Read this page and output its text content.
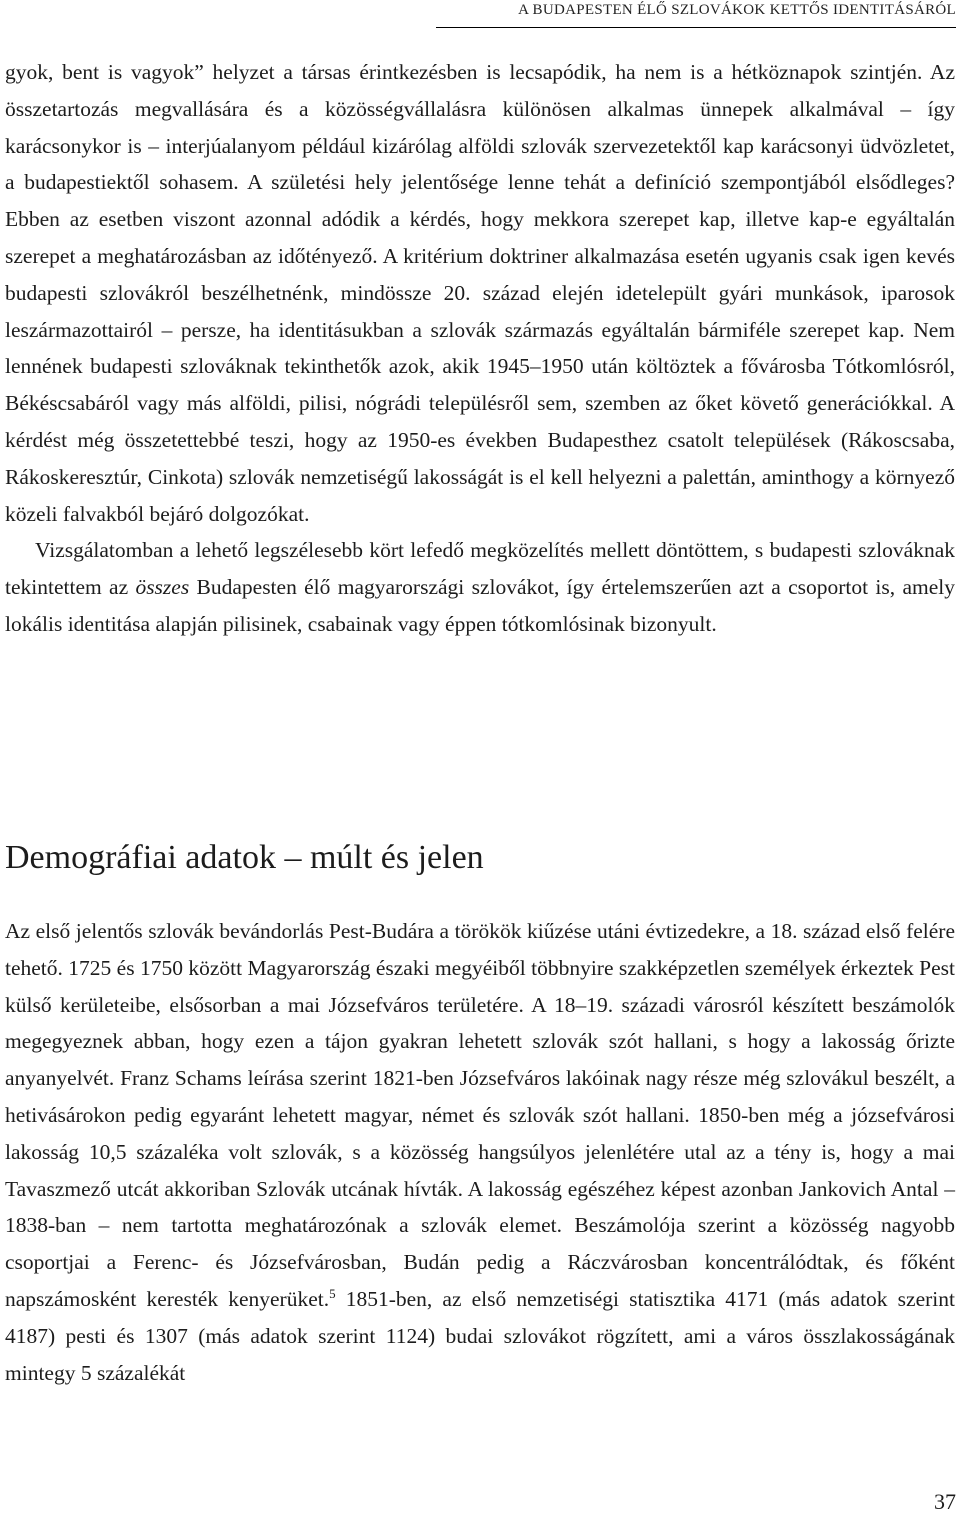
A BUDAPESTEN ÉLŐ SZLOVÁKOK KETTŐS IDENTITÁSÁRÓL

gyok, bent is vagyok” helyzet a társas érintkezésben is lecsapódik, ha nem is a hétköznapok szintjén. Az összetartozás megvallására és a közösségvállalásra különösen alkalmas ünnepek alkalmával – így karácsonykor is – interjúalanyom például kizárólag alföldi szlovák szervezetektől kap karácsonyi üdvözletet, a budapestiektől sohasem. A születési hely jelentősége lenne tehát a definíció szempontjából elsődleges? Ebben az esetben viszont azonnal adódik a kérdés, hogy mekkora szerepet kap, illetve kap-e egyáltalán szerepet a meghatározásban az időtényező. A kritérium doktriner alkalmazása esetén ugyanis csak igen kevés budapesti szlovákról beszélhetnénk, mindössze 20. század elején idetelepült gyári munkások, iparosok leszármazottairól – persze, ha identitásukban a szlovák származás egyáltalán bármiféle szerepet kap. Nem lennének budapesti szlováknak tekinthetők azok, akik 1945–1950 után költöztek a fővárosba Tótkomlósról, Békéscsabáról vagy más alföldi, pilisi, nógrádi településről sem, szemben az őket követő generációkkal. A kérdést még összetettebbé teszi, hogy az 1950-es években Budapesthez csatolt települések (Rákoscsaba, Rákoskeresztúr, Cinkota) szlovák nemzetiségű lakosságát is el kell helyezni a palettán, aminthogy a környező közeli falvakból bejáró dolgozókat.

Vizsgálatomban a lehető legszélesebb kört lefedő megközelítés mellett döntöttem, s budapesti szlováknak tekintettem az összes Budapesten élő magyarországi szlovákot, így értelemszerűen azt a csoportot is, amely lokális identitása alapján pilisinek, csabainak vagy éppen tótkomlósinak bizonyult.

Demográfiai adatok – múlt és jelen

Az első jelentős szlovák bevándorlás Pest-Budára a törökök kiűzése utáni évtizedekre, a 18. század első felére tehető. 1725 és 1750 között Magyarország északi megyéiből többnyire szakképzetlen személyek érkeztek Pest külső kerületeibe, elsősorban a mai Józsefváros területére. A 18–19. századi városról készített beszámolók megegyeznek abban, hogy ezen a tájon gyakran lehetett szlovák szót hallani, s hogy a lakosság őrizte anyanyelvét. Franz Schams leírása szerint 1821-ben Józsefváros lakóinak nagy része még szlovákul beszélt, a hetivásárokon pedig egyaránt lehetett magyar, német és szlovák szót hallani. 1850-ben még a józsefvárosi lakosság 10,5 százaléka volt szlovák, s a közösség hangsúlyos jelenlétére utal az a tény is, hogy a mai Tavaszmező utcát akkoriban Szlovák utcának hívták. A lakosság egészéhez képest azonban Jankovich Antal – 1838-ban – nem tartotta meghatározónak a szlovák elemet. Beszámolója szerint a közösség nagyobb csoportjai a Ferenc- és Józsefvárosban, Budán pedig a Ráczvárosban koncentrálódtak, és főként napszámosként keresték kenyerüket.$^5$ 1851-ben, az első nemzetiségi statisztika 4171 (más adatok szerint 4187) pesti és 1307 (más adatok szerint 1124) budai szlovákot rögzített, ami a város összlakosságának mintegy 5 százalékát

37
